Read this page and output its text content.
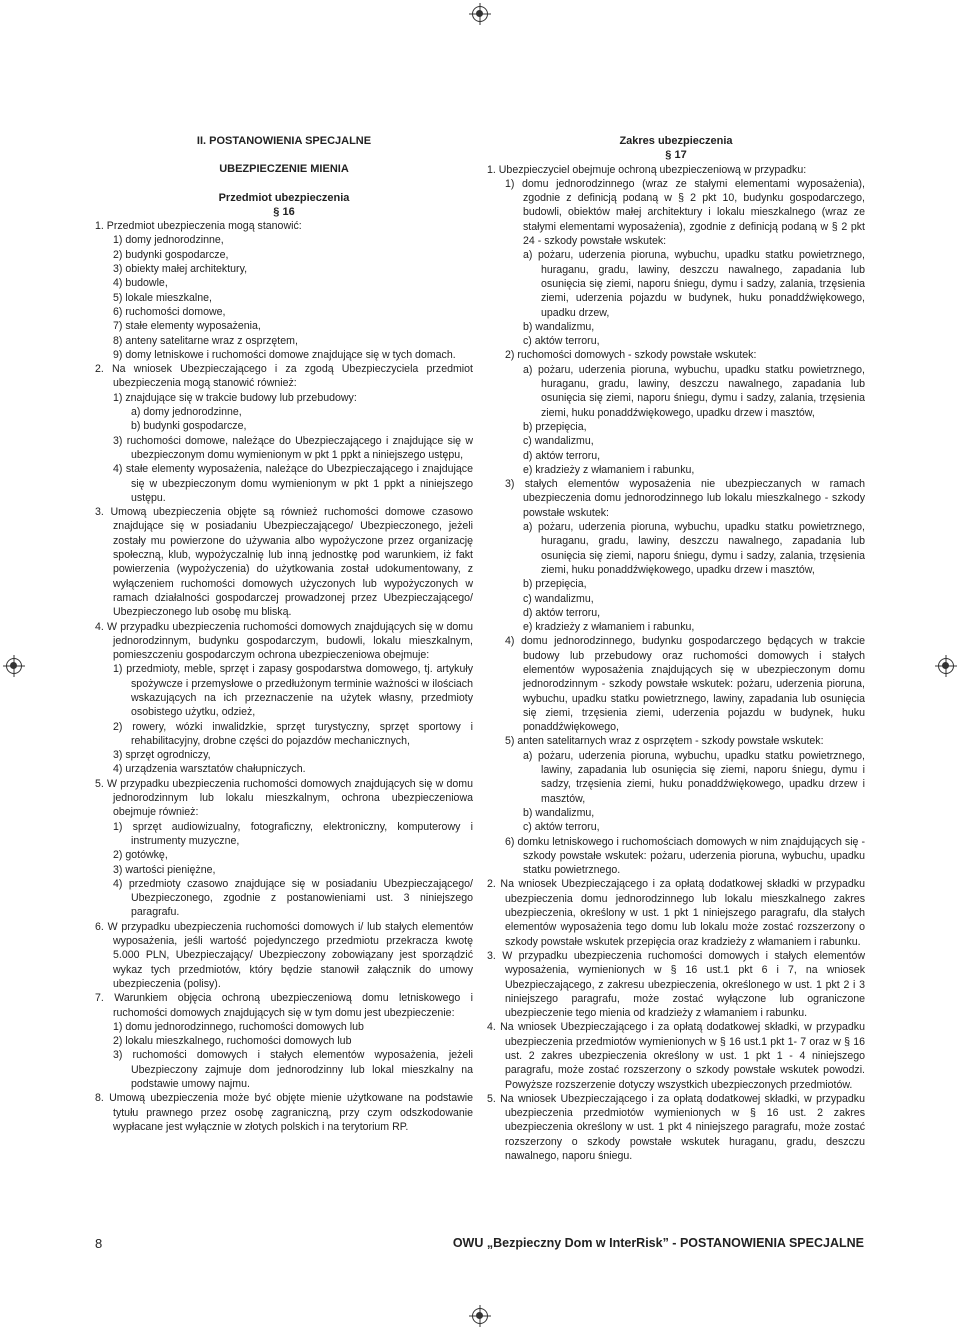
II. POSTANOWIENIA SPECJALNE

UBEZPIECZENIE MIENIA

Przedmiot ubezpieczenia

§ 16

1. Przedmiot ubezpieczenia mogą stanowić:

1) domy jednorodzinne,

2) budynki gospodarcze,

3) obiekty małej architektury,

4) budowle,

5) lokale mieszkalne,

6) ruchomości domowe,

7) stałe elementy wyposażenia,

8) anteny satelitarne wraz z osprzętem,

9) domy letniskowe i ruchomości domowe znajdujące się w tych domach.

2. Na wniosek Ubezpieczającego i za zgodą Ubezpieczyciela przedmiot ubezpieczenia mogą stanowić również:

1) znajdujące się w trakcie budowy lub przebudowy:

a) domy jednorodzinne,

b) budynki gospodarcze,

3) ruchomości domowe, należące do Ubezpieczającego i znajdujące się w ubezpieczonym domu wymienionym w pkt 1 ppkt a niniejszego ustępu,

4) stałe elementy wyposażenia, należące do Ubezpieczającego i znajdujące się w ubezpieczonym domu wymienionym w pkt 1 ppkt a niniejszego ustępu.

3. Umową ubezpieczenia objęte są również ruchomości domowe czasowo znajdujące się w posiadaniu Ubezpieczającego/ Ubezpieczonego, jeżeli zostały mu powierzone do używania albo wypożyczone przez organizację społeczną, klub, wypożyczalnię lub inną jednostkę pod warunkiem, iż fakt powierzenia (wypożyczenia) do użytkowania został udokumentowany, z wyłączeniem ruchomości domowych użyczonych lub wypożyczonych w ramach działalności gospodarczej prowadzonej przez Ubezpieczającego/ Ubezpieczonego lub osobę mu bliską.

4. W przypadku ubezpieczenia ruchomości domowych znajdujących się w domu jednorodzinnym, budynku gospodarczym, budowli, lokalu mieszkalnym, pomieszczeniu gospodarczym ochrona ubezpieczeniowa obejmuje:

1) przedmioty, meble, sprzęt i zapasy gospodarstwa domowego, tj. artykuły spożywcze i przemysłowe o przedłużonym terminie ważności w ilościach wskazujących na ich przeznaczenie na użytek własny, przedmioty osobistego użytku, odzież,

2) rowery, wózki inwalidzkie, sprzęt turystyczny, sprzęt sportowy i rehabilitacyjny, drobne części do pojazdów mechanicznych,

3) sprzęt ogrodniczy,

4) urządzenia warsztatów chałupniczych.

5. W przypadku ubezpieczenia ruchomości domowych znajdujących się w domu jednorodzinnym lub lokalu mieszkalnym, ochrona ubezpieczeniowa obejmuje również:

1) sprzęt audiowizualny, fotograficzny, elektroniczny, komputerowy i instrumenty muzyczne,

2) gotówkę,

3) wartości pieniężne,

4) przedmioty czasowo znajdujące się w posiadaniu Ubezpieczającego/ Ubezpieczonego, zgodnie z postanowieniami ust. 3 niniejszego paragrafu.

6. W przypadku ubezpieczenia ruchomości domowych i/ lub stałych elementów wyposażenia, jeśli wartość pojedynczego przedmiotu przekracza kwotę 5.000 PLN, Ubezpieczający/ Ubezpieczony zobowiązany jest sporządzić wykaz tych przedmiotów, który będzie stanowił załącznik do umowy ubezpieczenia (polisy).

7. Warunkiem objęcia ochroną ubezpieczeniową domu letniskowego i ruchomości domowych znajdujących się w tym domu jest ubezpieczenie:

1) domu jednorodzinnego, ruchomości domowych lub

2) lokalu mieszkalnego, ruchomości domowych lub

3) ruchomości domowych i stałych elementów wyposażenia, jeżeli Ubezpieczony zajmuje dom jednorodzinny lub lokal mieszkalny na podstawie umowy najmu.

8. Umową ubezpieczenia może być objęte mienie użytkowane na podstawie tytułu prawnego przez osobę zagraniczną, przy czym odszkodowanie wypłacane jest wyłącznie w złotych polskich i na terytorium RP.

Zakres ubezpieczenia

§ 17

1. Ubezpieczyciel obejmuje ochroną ubezpieczeniową w przypadku:

1) domu jednorodzinnego (wraz ze stałymi elementami wyposażenia), zgodnie z definicją podaną w § 2 pkt 10, budynku gospodarczego, budowli, obiektów małej architektury i lokalu mieszkalnego (wraz ze stałymi elementami wyposażenia), zgodnie z definicją podaną w § 2 pkt 24 - szkody powstałe wskutek:

a) pożaru, uderzenia pioruna, wybuchu, upadku statku powietrznego, huraganu, gradu, lawiny, deszczu nawalnego, zapadania lub osunięcia się ziemi, naporu śniegu, dymu i sadzy, zalania, trzęsienia ziemi, uderzenia pojazdu w budynek, huku ponaddźwiękowego, upadku drzew,

b) wandalizmu,

c) aktów terroru,

2) ruchomości domowych - szkody powstałe wskutek:

a) pożaru, uderzenia pioruna, wybuchu, upadku statku powietrznego, huraganu, gradu, lawiny, deszczu nawalnego, zapadania lub osunięcia się ziemi, naporu śniegu, dymu i sadzy, zalania, trzęsienia ziemi, huku ponaddźwiękowego, upadku drzew i masztów,

b) przepięcia,

c) wandalizmu,

d) aktów terroru,

e) kradzieży z włamaniem i rabunku,

3) stałych elementów wyposażenia nie ubezpieczanych w ramach ubezpieczenia domu jednorodzinnego lub lokalu mieszkalnego - szkody powstałe wskutek:

a) pożaru, uderzenia pioruna, wybuchu, upadku statku powietrznego, huraganu, gradu, lawiny, deszczu nawalnego, zapadania lub osunięcia się ziemi, naporu śniegu, dymu i sadzy, zalania, trzęsienia ziemi, huku ponaddźwiękowego, upadku drzew i masztów,

b) przepięcia,

c) wandalizmu,

d) aktów terroru,

e) kradzieży z włamaniem i rabunku,

4) domu jednorodzinnego, budynku gospodarczego będących w trakcie budowy lub przebudowy oraz ruchomości domowych i stałych elementów wyposażenia znajdujących się w ubezpieczonym domu jednorodzinnym - szkody powstałe wskutek: pożaru, uderzenia pioruna, wybuchu, upadku statku powietrznego, lawiny, zapadania lub osunięcia się ziemi, trzęsienia ziemi, uderzenia pojazdu w budynek, huku ponaddźwiękowego,

5) anten satelitarnych wraz z osprzętem - szkody powstałe wskutek:

a) pożaru, uderzenia pioruna, wybuchu, upadku statku powietrznego, lawiny, zapadania lub osunięcia się ziemi, naporu śniegu, dymu i sadzy, trzęsienia ziemi, huku ponaddźwiękowego, upadku drzew i masztów,

b) wandalizmu,

c) aktów terroru,

6) domku letniskowego i ruchomościach domowych w nim znajdujących się - szkody powstałe wskutek: pożaru, uderzenia pioruna, wybuchu, upadku statku powietrznego.

2. Na wniosek Ubezpieczającego i za opłatą dodatkowej składki w przypadku ubezpieczenia domu jednorodzinnego lub lokalu mieszkalnego zakres ubezpieczenia, określony w ust. 1 pkt 1 niniejszego paragrafu, dla stałych elementów wyposażenia tego domu lub lokalu może zostać rozszerzony o szkody powstałe wskutek przepięcia oraz kradzieży z włamaniem i rabunku.

3. W przypadku ubezpieczenia ruchomości domowych i stałych elementów wyposażenia, wymienionych w § 16 ust.1 pkt 6 i 7, na wniosek Ubezpieczającego, z zakresu ubezpieczenia, określonego w ust. 1 pkt 2 i 3 niniejszego paragrafu, może zostać wyłączone lub ograniczone ubezpieczenie tego mienia od kradzieży z włamaniem i rabunku.

4. Na wniosek Ubezpieczającego i za opłatą dodatkowej składki, w przypadku ubezpieczenia przedmiotów wymienionych w § 16 ust.1 pkt 1- 7 oraz w § 16 ust. 2 zakres ubezpieczenia określony w ust. 1 pkt 1 - 4 niniejszego paragrafu, może zostać rozszerzony o szkody powstałe wskutek powodzi. Powyższe rozszerzenie dotyczy wszystkich ubezpieczonych przedmiotów.

5. Na wniosek Ubezpieczającego i za opłatą dodatkowej składki, w przypadku ubezpieczenia przedmiotów wymienionych w § 16 ust. 2 zakres ubezpieczenia określony w ust. 1 pkt 4 niniejszego paragrafu, może zostać rozszerzony o szkody powstałe wskutek huraganu, gradu, deszczu nawalnego, naporu śniegu.

8	OWU „Bezpieczny Dom w InterRisk” - POSTANOWIENIA SPECJALNE
